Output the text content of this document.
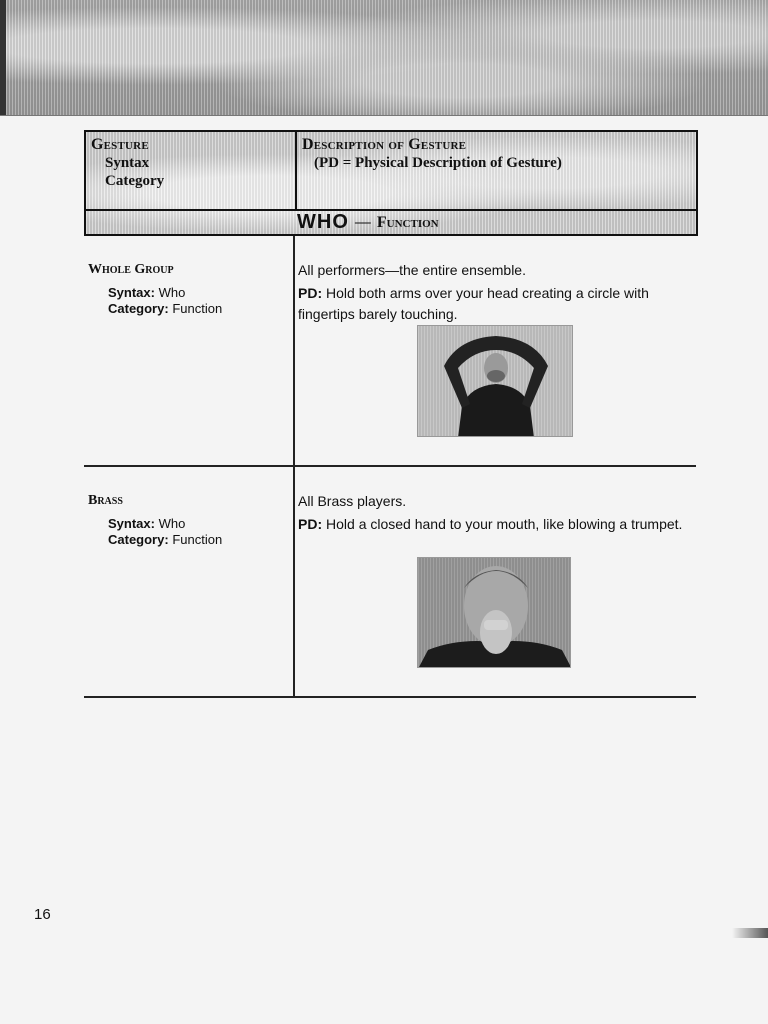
Gesture
Syntax
Category
Description of Gesture
(PD = Physical Description of Gesture)
WHO — Function
Whole Group
Syntax: Who
Category: Function
All performers—the entire ensemble.
PD: Hold both arms over your head creating a circle with fingertips barely touching.
Brass
Syntax: Who
Category: Function
All Brass players.
PD: Hold a closed hand to your mouth, like blowing a trumpet.
16
